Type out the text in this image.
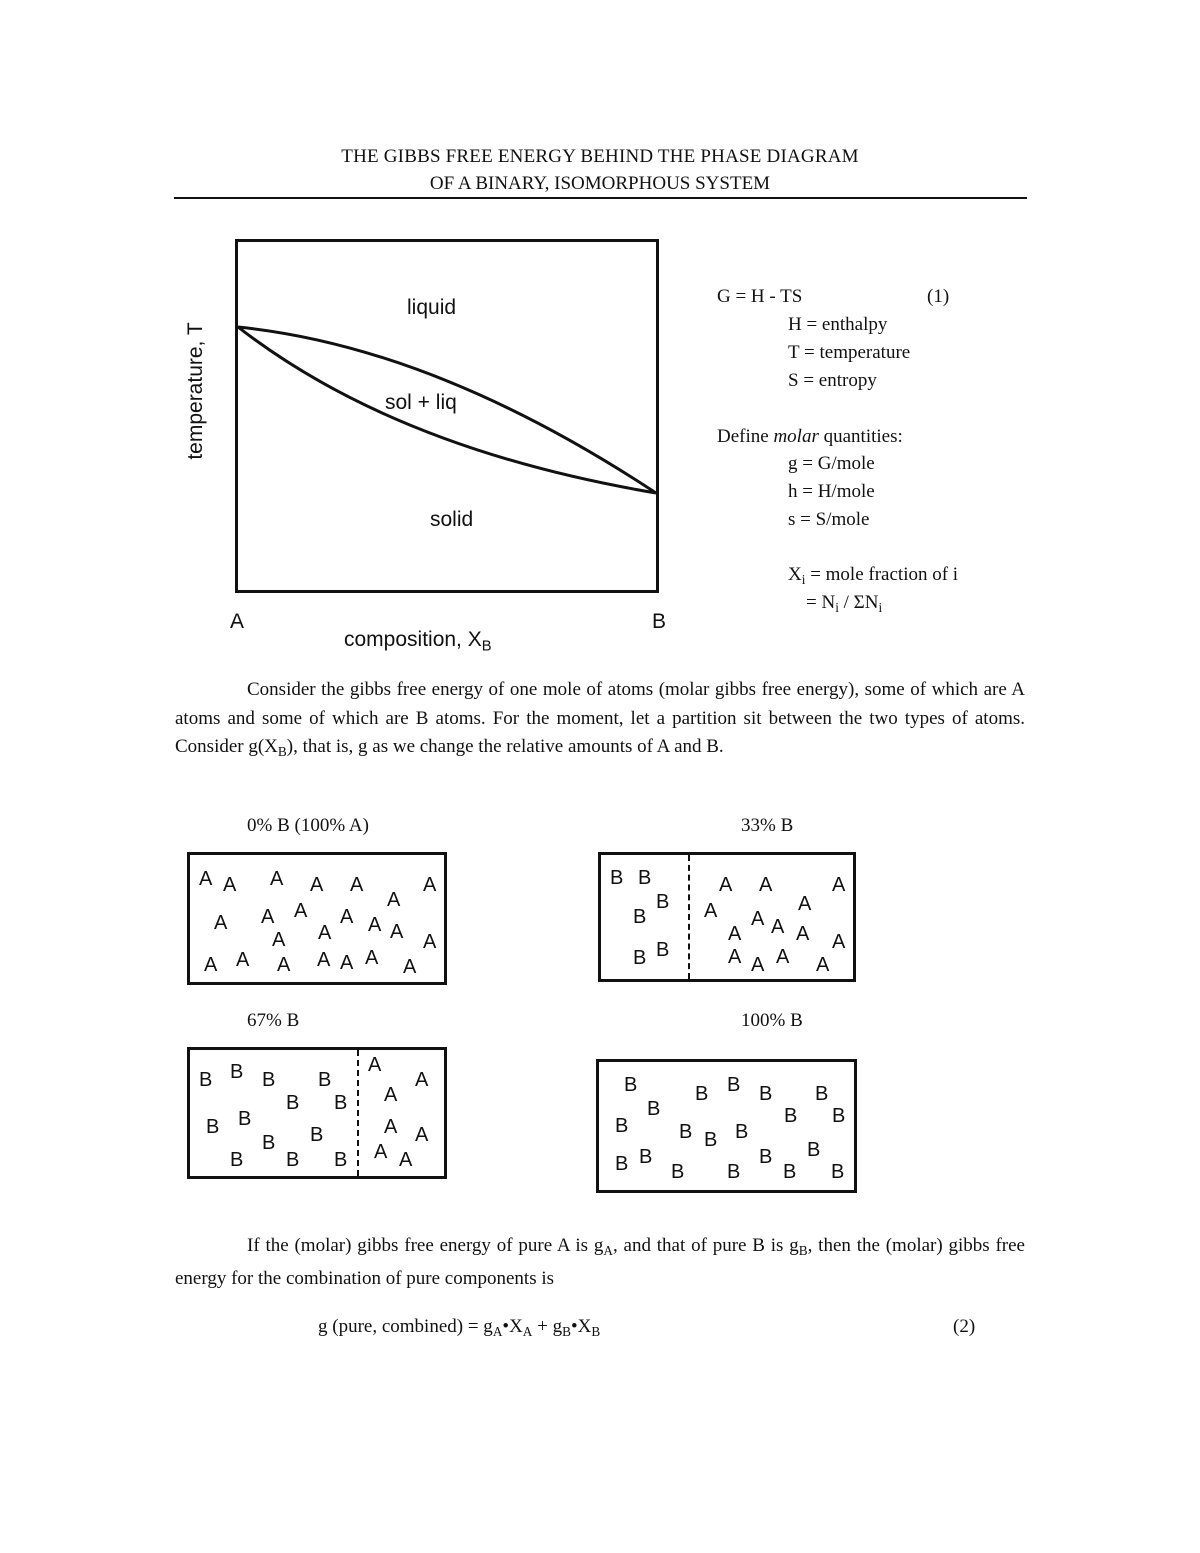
THE GIBBS FREE ENERGY BEHIND THE PHASE DIAGRAM
OF A BINARY, ISOMORPHOUS SYSTEM
liquid
sol + liq
solid
A	B
composition, $X_B$
temperature, T
G = H - TS	(1)
H = enthalpy
T = temperature
S = entropy
Define molar quantities:
g = G/mole
h = H/mole
s = S/mole
$X_i$ = mole fraction of i
= $N_i / \Sigma N_i$
Consider the gibbs free energy of one mole of atoms (molar gibbs free energy), some of which are A atoms and some of which are B atoms. For the moment, let a partition sit between the two types of atoms. Consider $g(X_B)$, that is, g as we change the relative amounts of A and B.
0% B (100% A)	33% B
67% B	100% B
A A A A A
A
A
A A A A A A
A A	A
A A A A A A A
B B
B
B
B B
A A	A
A
A A
A A A A
A A A A
B B B B
B B
B B
B
B
B B B
A
A
A
A A
A A
B	B B B B
B	B B
B	B B B
B
B B
B B
B
B B
If the (molar) gibbs free energy of pure A is $g_A$, and that of pure B is $g_B$, then the (molar) gibbs free energy for the combination of pure components is
g (pure, combined) = $g_A•X_A$ + $g_B•X_B$	(2)
